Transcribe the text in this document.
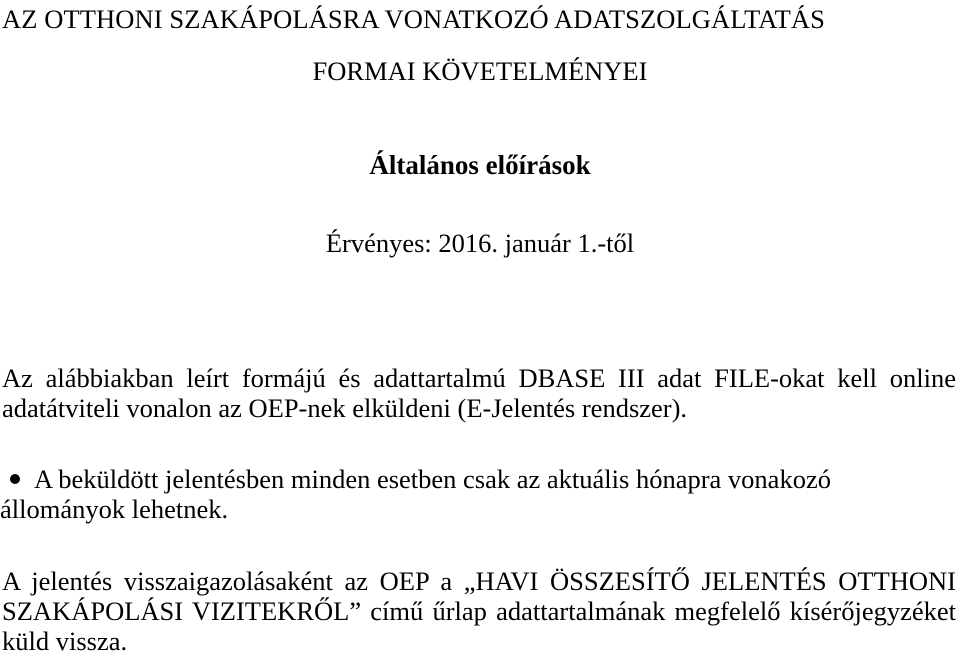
AZ OTTHONI SZAKÁPOLÁSRA VONATKOZÓ ADATSZOLGÁLTATÁS
FORMAI KÖVETELMÉNYEI
Általános előírások
Érvényes: 2016. január 1.-től
Az alábbiakban leírt formájú és adattartalmú DBASE III adat FILE-okat kell online adatátviteli vonalon az OEP-nek elküldeni (E-Jelentés rendszer).
A beküldött jelentésben minden esetben csak az aktuális hónapra vonakozó
állományok lehetnek.
A jelentés visszaigazolásaként az OEP a „HAVI ÖSSZESÍTŐ JELENTÉS OTTHONI SZAKÁPOLÁSI VIZITEKRŐL” című űrlap adattartalmának megfelelő kísérőjegyzéket küld vissza.
